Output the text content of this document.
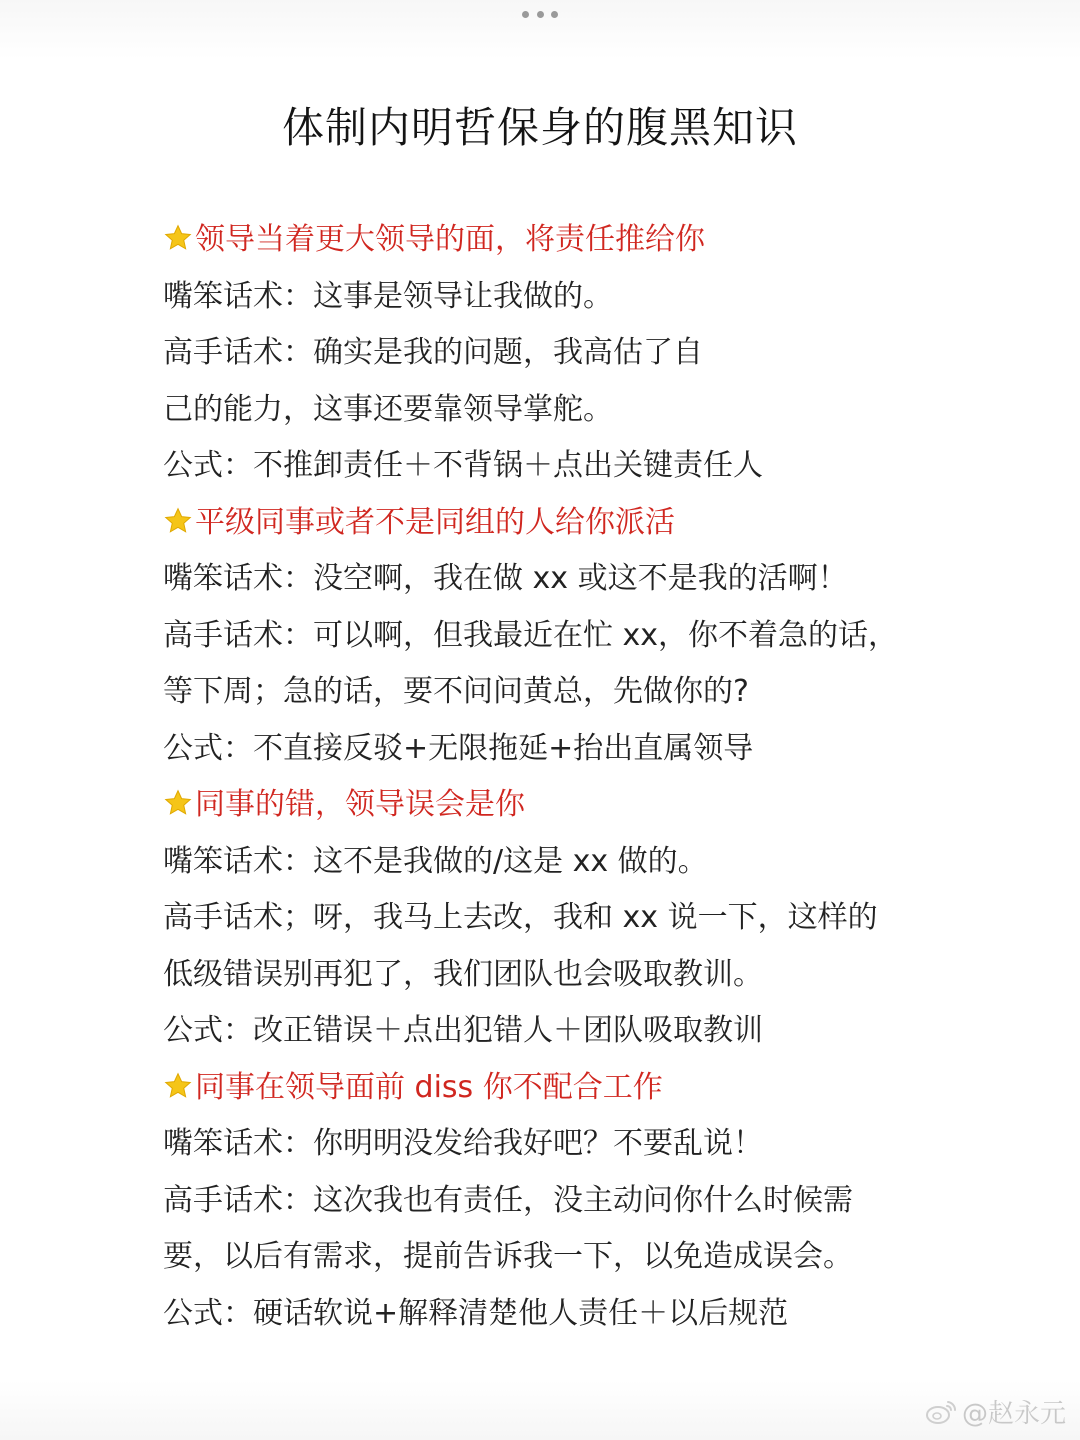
体制内明哲保身的腹黑知识
领导当着更大领导的面，将责任推给你
嘴笨话术：这事是领导让我做的。
高手话术：确实是我的问题，我高估了自
己的能力，这事还要靠领导掌舵。
公式：不推卸责任＋不背锅＋点出关键责任人
平级同事或者不是同组的人给你派活
嘴笨话术：没空啊，我在做 xx 或这不是我的活啊！
高手话术：可以啊，但我最近在忙 xx，你不着急的话，
等下周；急的话，要不问问黄总，先做你的?
公式：不直接反驳+无限拖延+抬出直属领导
同事的错，领导误会是你
嘴笨话术：这不是我做的/这是 xx 做的。
高手话术；呀，我马上去改，我和 xx 说一下，这样的
低级错误别再犯了，我们团队也会吸取教训。
公式：改正错误＋点出犯错人＋团队吸取教训
同事在领导面前 diss 你不配合工作
嘴笨话术：你明明没发给我好吧？不要乱说！
高手话术：这次我也有责任，没主动问你什么时候需
要，以后有需求，提前告诉我一下，以免造成误会。
公式：硬话软说+解释清楚他人责任＋以后规范
@赵永元
